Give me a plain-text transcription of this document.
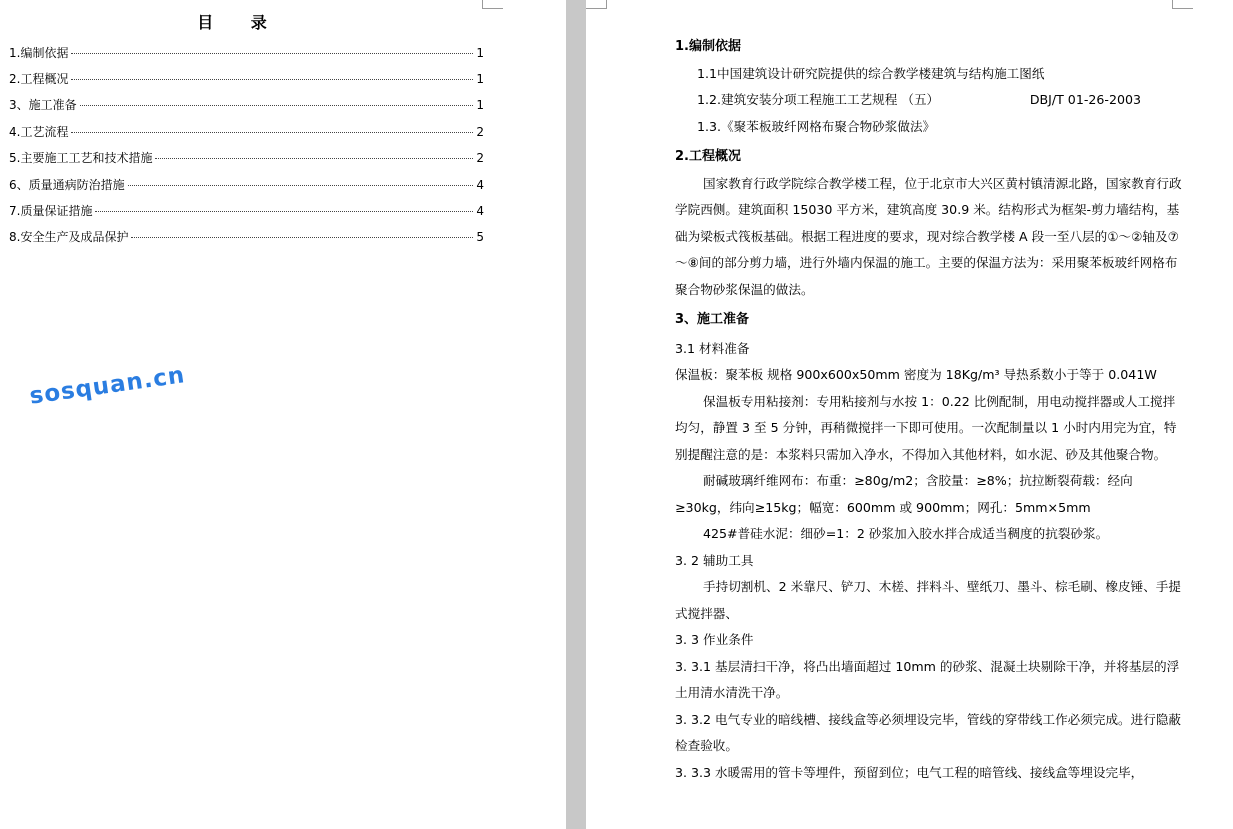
目 录
1.编制依据	1
2.工程概况	1
3、施工准备	1
4.工艺流程	2
5.主要施工工艺和技术措施	2
6、质量通病防治措施	4
7.质量保证措施	4
8.安全生产及成品保护	5
sosquan.cn

1.编制依据

1.1中国建筑设计研究院提供的综合教学楼建筑与结构施工图纸

1.2.建筑安装分项工程施工工艺规程 （五）	DBJ/T 01-26-2003

1.3.《聚苯板玻纤网格布聚合物砂浆做法》

2.工程概况

国家教育行政学院综合教学楼工程，位于北京市大兴区黄村镇清源北路，国家教育行政学院西侧。建筑面积 15030 平方米，建筑高度 30.9 米。结构形式为框架-剪力墙结构，基础为梁板式筏板基础。根据工程进度的要求，现对综合教学楼 A 段一至八层的①～②轴及⑦～⑧间的部分剪力墙，进行外墙内保温的施工。主要的保温方法为：采用聚苯板玻纤网格布聚合物砂浆保温的做法。

3、施工准备

3.1 材料准备

保温板：聚苯板 规格 900x600x50mm 密度为 18Kg/m³ 导热系数小于等于 0.041W

保温板专用粘接剂：专用粘接剂与水按 1：0.22 比例配制，用电动搅拌器或人工搅拌均匀，静置 3 至 5 分钟，再稍微搅拌一下即可使用。一次配制量以 1 小时内用完为宜，特别提醒注意的是：本浆料只需加入净水，不得加入其他材料，如水泥、砂及其他聚合物。

耐碱玻璃纤维网布：布重：≥80g/m2；含胶量：≥8%；抗拉断裂荷载：经向≥30kg，纬向≥15kg；幅宽：600mm 或 900mm；网孔：5mm×5mm

425#普硅水泥：细砂=1：2 砂浆加入胶水拌合成适当稠度的抗裂砂浆。

3. 2 辅助工具

手持切割机、2 米靠尺、铲刀、木槎、拌料斗、壁纸刀、墨斗、棕毛刷、橡皮锤、手提式搅拌器、

3. 3 作业条件

3. 3.1 基层清扫干净，将凸出墙面超过 10mm 的砂浆、混凝土块剔除干净，并将基层的浮土用清水清洗干净。

3. 3.2 电气专业的暗线槽、接线盒等必须埋设完毕，管线的穿带线工作必须完成。进行隐蔽检查验收。

3. 3.3 水暖需用的管卡等埋件，预留到位；电气工程的暗管线、接线盒等埋设完毕，
